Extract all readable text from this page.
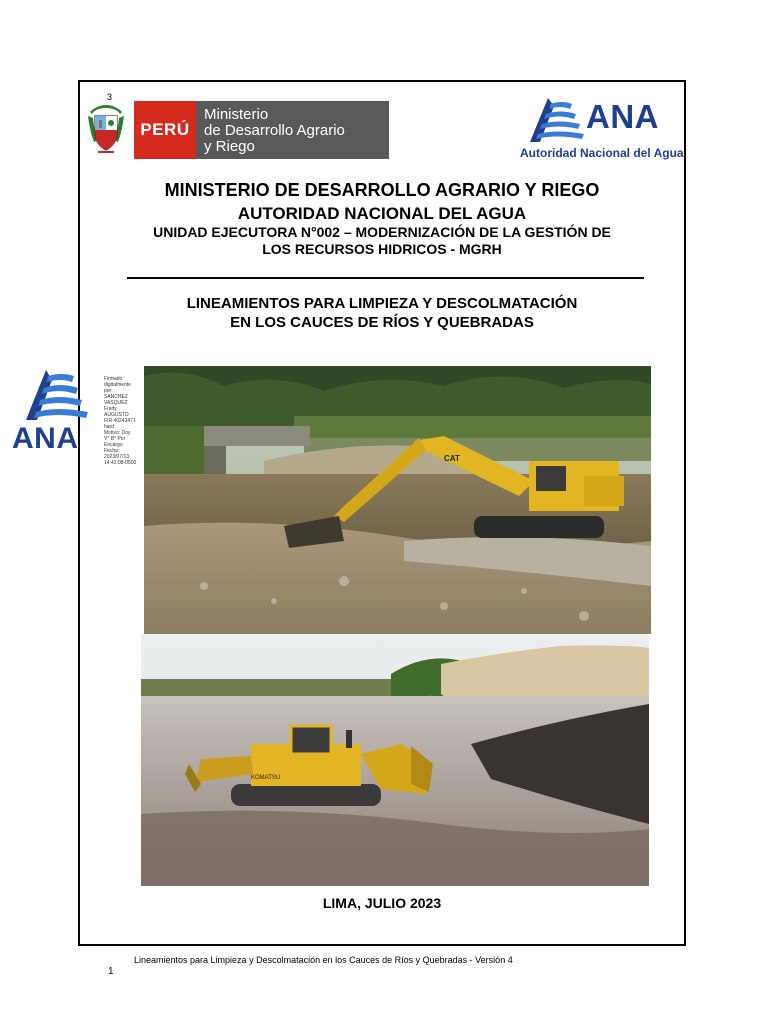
3
PERÚ
Ministerio
de Desarrollo Agrario
y Riego
ANA
Autoridad Nacional del Agua
MINISTERIO DE DESARROLLO AGRARIO Y RIEGO
AUTORIDAD NACIONAL DEL AGUA
UNIDAD EJECUTORA N°002 – MODERNIZACIÓN DE LA GESTIÓN DE LOS RECURSOS HIDRICOS - MGRH
LINEAMIENTOS PARA LIMPIEZA Y DESCOLMATACIÓN EN LOS CAUCES DE RÍOS Y QUEBRADAS
ANA
Firmado
digitalmente
por:
SANCHEZ
VASQUEZ
Fredy
AUGUSTO
FIR 40243471
hard
Motivo: Doy
V° B° Por
Encargo
Fecha:
2023/07/13
14:42:08-0500	CAT
KOMATSU
LIMA, JULIO 2023
Lineamientos para Limpieza y Descolmatación en los Cauces de Ríos y Quebradas - Versión 4
1
